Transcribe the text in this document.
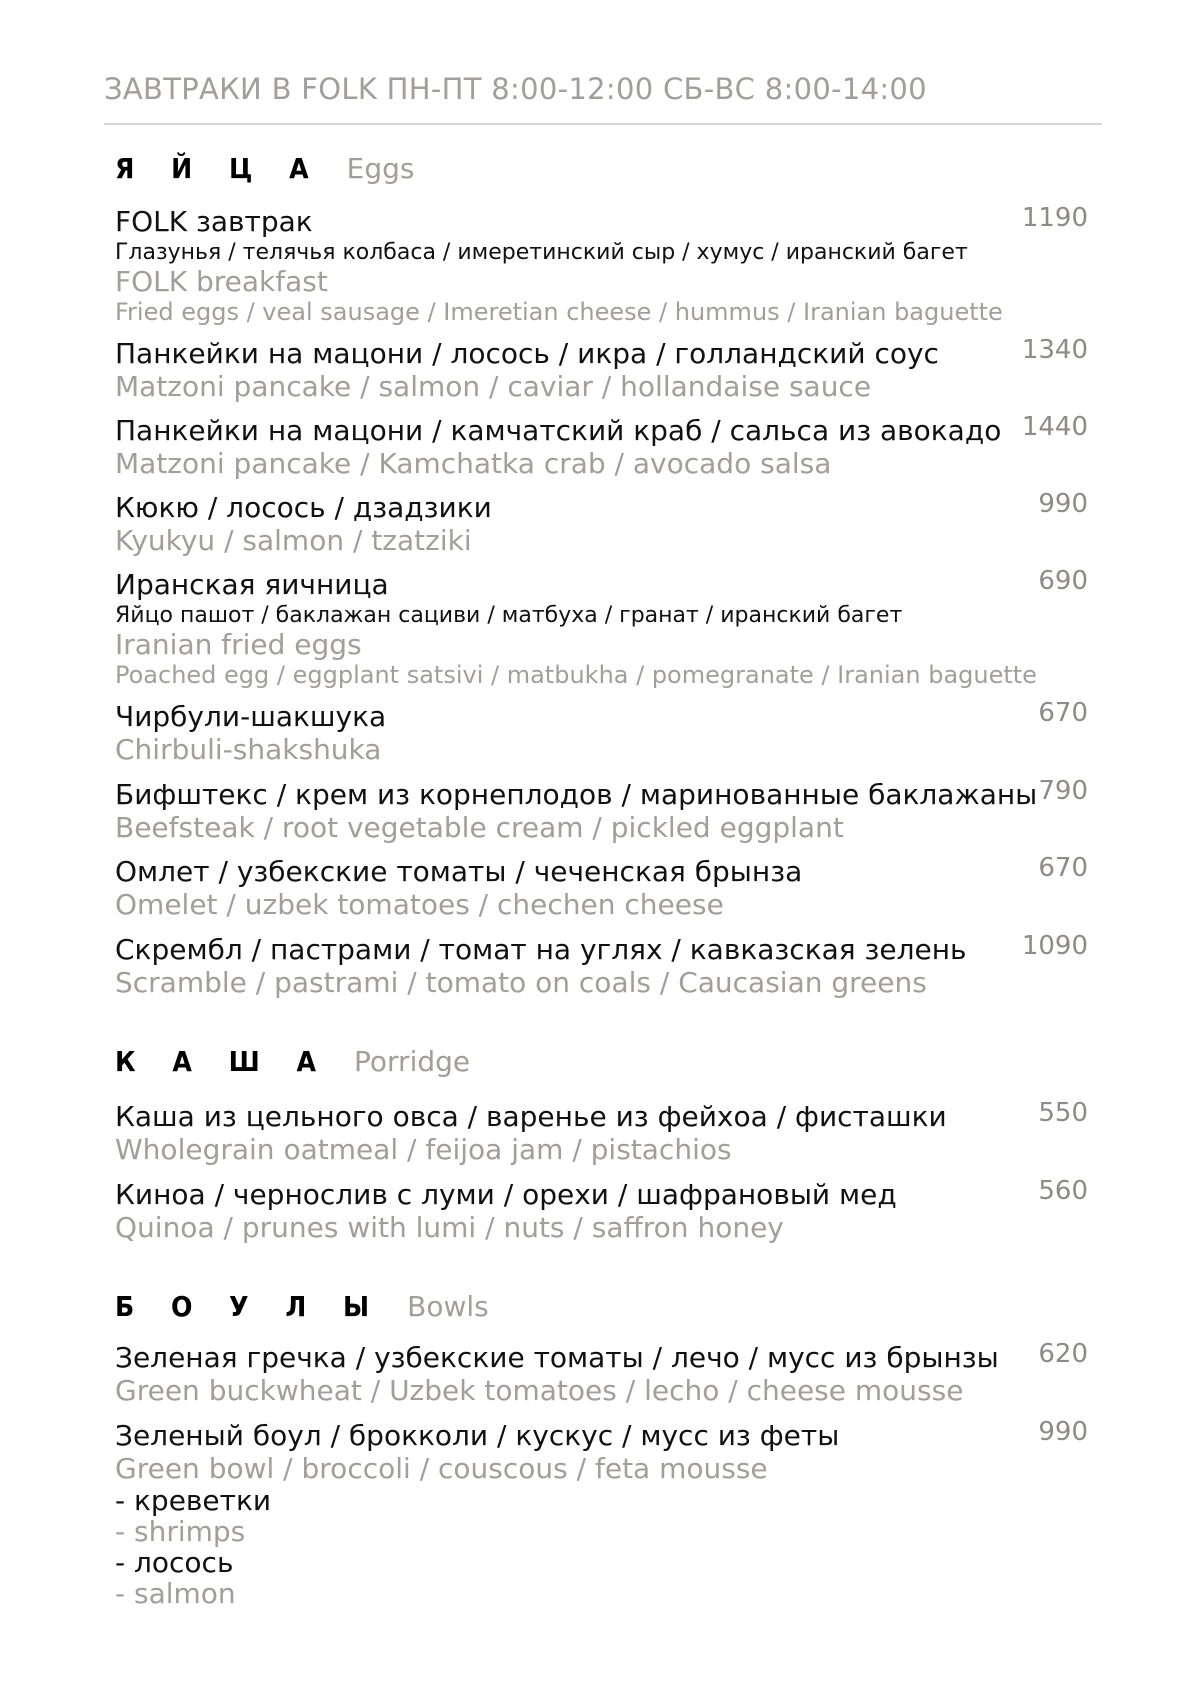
ЗАВТРАКИ В FOLK ПН-ПТ 8:00-12:00 СБ-ВС 8:00-14:00
Я Й Ц А Eggs
FOLK завтрак
Глазунья / телячья колбаса / имеретинский сыр / хумус / иранский багет
FOLK breakfast
Fried eggs / veal sausage / Imeretian cheese / hummus / Iranian baguette
1190
Панкейки на мацони / лосось / икра / голландский соус
Matzoni pancake / salmon / caviar / hollandaise sauce
1340
Панкейки на мацони / камчатский краб / сальса из авокадо
Matzoni pancake / Kamchatka crab / avocado salsa
1440
Кюкю / лосось / дзадзики
Kyukyu / salmon / tzatziki
990
Иранская яичница
Яйцо пашот / баклажан сациви / матбуха / гранат / иранский багет
Iranian fried eggs
Poached egg / eggplant satsivi / matbukha / pomegranate / Iranian baguette
690
Чирбули-шакшука
Chirbuli-shakshuka
670
Бифштекс / крем из корнеплодов / маринованные баклажаны
Beefsteak / root vegetable cream / pickled eggplant
790
Омлет / узбекские томаты / чеченская брынза
Omelet / uzbek tomatoes / chechen cheese
670
Скрембл / пастрами / томат на углях / кавказская зелень
Scramble / pastrami / tomato on coals / Caucasian greens
1090
К А Ш А Porridge
Каша из цельного овса / варенье из фейхоа / фисташки
Wholegrain oatmeal / feijoa jam / pistachios
550
Киноа / чернослив с луми / орехи / шафрановый мед
Quinoa / prunes with lumi / nuts / saffron honey
560
Б О У Л Ы Bowls
Зеленая гречка / узбекские томаты / лечо / мусс из брынзы
Green buckwheat / Uzbek tomatoes / lecho / cheese mousse
620
Зеленый боул / брокколи / кускус / мусс из феты
Green bowl / broccoli / couscous / feta mousse
- креветки
- shrimps
- лосось
- salmon
990
